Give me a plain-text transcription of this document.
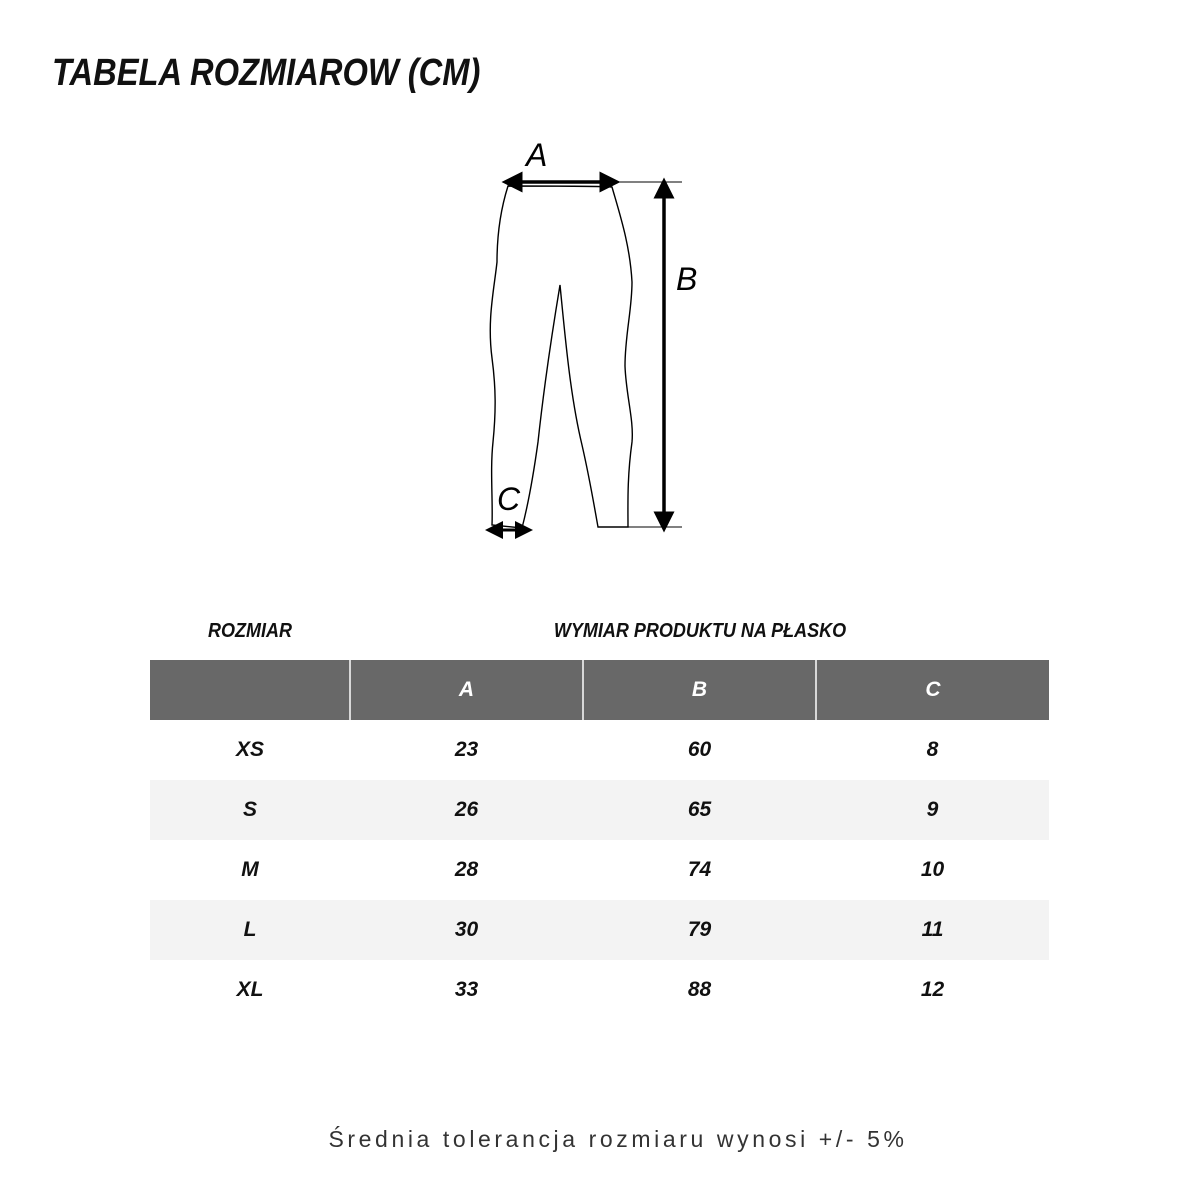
TABELA ROZMIAROW (CM)
A
B
C
ROZMIAR	WYMIAR PRODUKTU NA PŁASKO
	A	B	C
XS	23	60	8
S	26	65	9
M	28	74	10
L	30	79	11
XL	33	88	12
Średnia tolerancja rozmiaru wynosi +/- 5%
